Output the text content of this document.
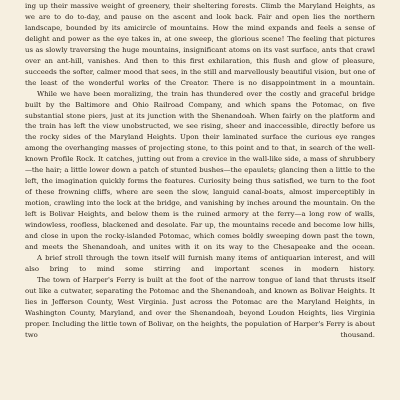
ing up their massive weight of greenery, their sheltering forests. Climb the Maryland Heights, as we are to do to-day, and pause on the ascent and look back. Fair and open lies the northern landscape, bounded by its amicircle of mountains. How the mind expands and feels a sense of delight and power as the eye takes in, at one sweep, the glorious scene! The feeling that pictures us as slowly traversing the huge mountains, insignificant atoms on its vast surface, ants that crawl over an ant-hill, vanishes. And then to this first exhilaration, this flush and glow of pleasure, succeeds the softer, calmer mood that sees, in the still and marvellously beautiful vision, but one of the least of the wonderful works of the Creator. There is no disappointment in a mountain.

While we have been moralizing, the train has thundered over the costly and graceful bridge built by the Baltimore and Ohio Railroad Company, and which spans the Potomac, on five substantial stone piers, just at its junction with the Shenandoah. When fairly on the platform and the train has left the view unobstructed, we see rising, sheer and inaccessible, directly before us the rocky sides of the Maryland Heights. Upon their laminated surface the curious eye ranges among the overhanging masses of projecting stone, to this point and to that, in search of the well-known Profile Rock. It catches, jutting out from a crevice in the wall-like side, a mass of shrubbery—the hair; a little lower down a patch of stunted bushes—the epaulets; glancing then a little to the left, the imagination quickly forms the features. Curiosity being thus satisfied, we turn to the foot of these frowning cliffs, where are seen the slow, languid canal-boats, almost imperceptibly in motion, crawling into the lock at the bridge, and vanishing by inches around the mountain. On the left is Bolivar Heights, and below them is the ruined armory at the ferry—a long row of walls, windowless, roofless, blackened and desolate. Far up, the mountains recede and become low hills, and close in upon the rocky-islanded Potomac, which comes boldly sweeping down past the town, and meets the Shenandoah, and unites with it on its way to the Chesapeake and the ocean.

A brief stroll through the town itself will furnish many items of antiquarian interest, and will also bring to mind some stirring and important scenes in modern history.

The town of Harper's Ferry is built at the foot of the narrow tongue of land that thrusts itself out like a cutwater, separating the Potomac and the Shenandoah, and known as Bolivar Heights. It lies in Jefferson County, West Virginia. Just across the Potomac are the Maryland Heights, in Washington County, Maryland, and over the Shenandoah, beyond Loudon Heights, lies Virginia proper. Including the little town of Bolivar, on the heights, the population of Harper's Ferry is about two thousand.
